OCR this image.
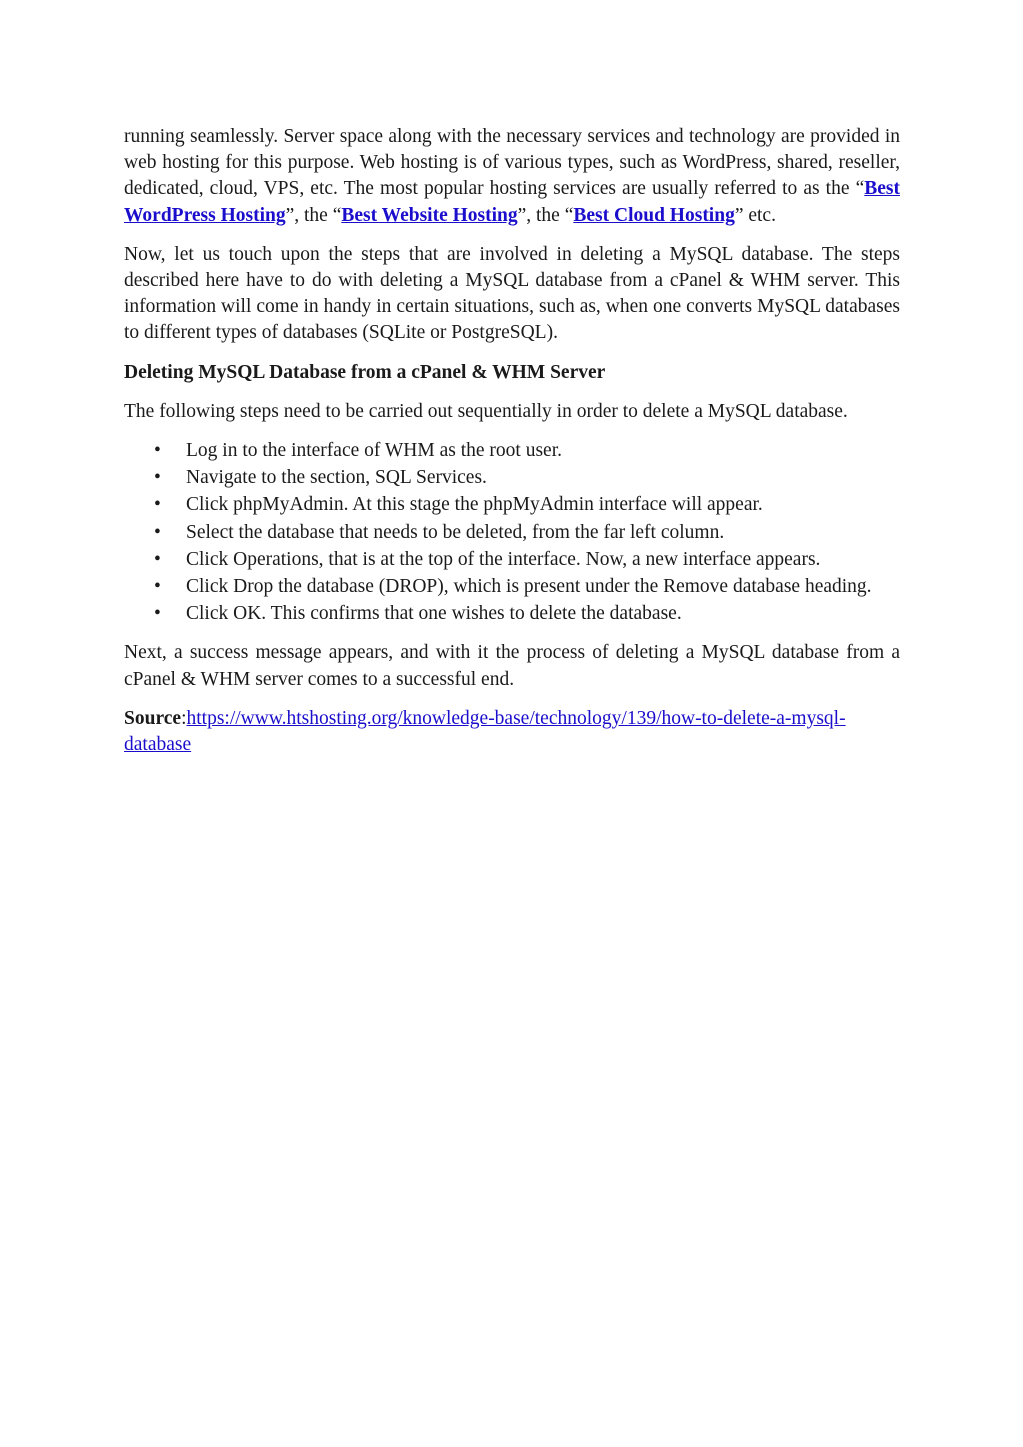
running seamlessly. Server space along with the necessary services and technology are provided in web hosting for this purpose. Web hosting is of various types, such as WordPress, shared, reseller, dedicated, cloud, VPS, etc. The most popular hosting services are usually referred to as the “Best WordPress Hosting”, the “Best Website Hosting”, the “Best Cloud Hosting” etc.

Now, let us touch upon the steps that are involved in deleting a MySQL database. The steps described here have to do with deleting a MySQL database from a cPanel & WHM server. This information will come in handy in certain situations, such as, when one converts MySQL databases to different types of databases (SQLite or PostgreSQL).

Deleting MySQL Database from a cPanel & WHM Server

The following steps need to be carried out sequentially in order to delete a MySQL database.

• Log in to the interface of WHM as the root user.
• Navigate to the section, SQL Services.
• Click phpMyAdmin. At this stage the phpMyAdmin interface will appear.
• Select the database that needs to be deleted, from the far left column.
• Click Operations, that is at the top of the interface. Now, a new interface appears.
• Click Drop the database (DROP), which is present under the Remove database heading.
• Click OK. This confirms that one wishes to delete the database.

Next, a success message appears, and with it the process of deleting a MySQL database from a cPanel & WHM server comes to a successful end.

Source:https://www.htshosting.org/knowledge-base/technology/139/how-to-delete-a-mysql-database
